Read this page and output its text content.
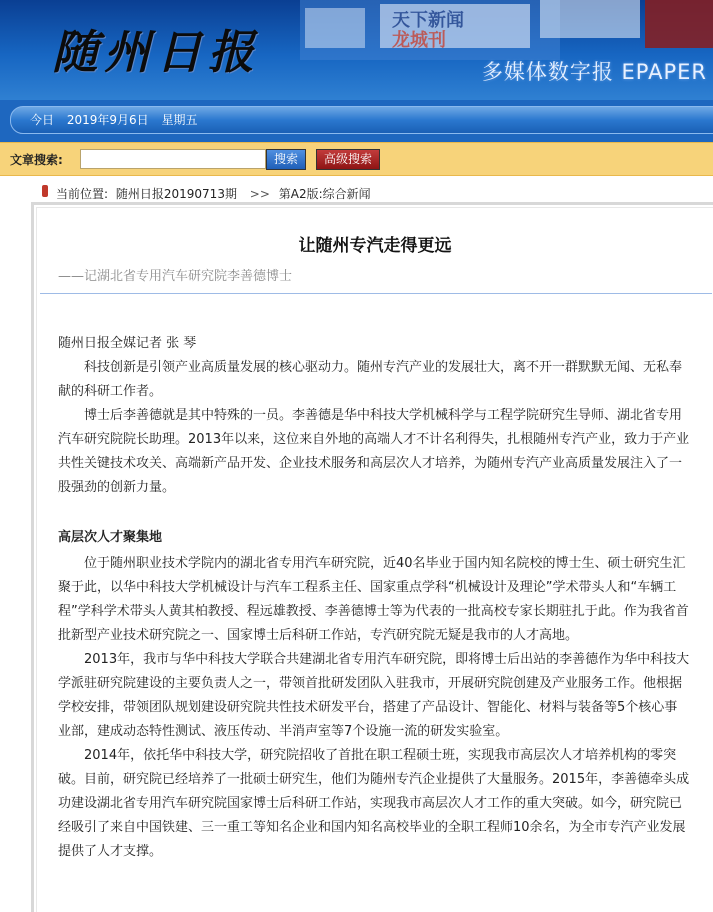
天下新闻
龙城刊
随州日报	多媒体数字报 EPAPER
今日 2019年9月6日 星期五
文章搜索:	搜索	高级搜索
当前位置: 随州日报20190713期 >> 第A2版:综合新闻
让随州专汽走得更远
——记湖北省专用汽车研究院李善德博士

随州日报全媒记者 张 琴

科技创新是引领产业高质量发展的核心驱动力。随州专汽产业的发展壮大，离不开一群默默无闻、无私奉献的科研工作者。

博士后李善德就是其中特殊的一员。李善德是华中科技大学机械科学与工程学院研究生导师、湖北省专用汽车研究院院长助理。2013年以来，这位来自外地的高端人才不计名利得失，扎根随州专汽产业，致力于产业共性关键技术攻关、高端新产品开发、企业技术服务和高层次人才培养，为随州专汽产业高质量发展注入了一股强劲的创新力量。

高层次人才聚集地

位于随州职业技术学院内的湖北省专用汽车研究院，近40名毕业于国内知名院校的博士生、硕士研究生汇聚于此，以华中科技大学机械设计与汽车工程系主任、国家重点学科“机械设计及理论”学术带头人和“车辆工程”学科学术带头人黄其柏教授、程远雄教授、李善德博士等为代表的一批高校专家长期驻扎于此。作为我省首批新型产业技术研究院之一、国家博士后科研工作站，专汽研究院无疑是我市的人才高地。

2013年，我市与华中科技大学联合共建湖北省专用汽车研究院，即将博士后出站的李善德作为华中科技大学派驻研究院建设的主要负责人之一，带领首批研发团队入驻我市，开展研究院创建及产业服务工作。他根据学校安排，带领团队规划建设研究院共性技术研发平台，搭建了产品设计、智能化、材料与装备等5个核心事业部，建成动态特性测试、液压传动、半消声室等7个设施一流的研发实验室。

2014年，依托华中科技大学，研究院招收了首批在职工程硕士班，实现我市高层次人才培养机构的零突破。目前，研究院已经培养了一批硕士研究生，他们为随州专汽企业提供了大量服务。2015年，李善德牵头成功建设湖北省专用汽车研究院国家博士后科研工作站，实现我市高层次人才工作的重大突破。如今，研究院已经吸引了来自中国铁建、三一重工等知名企业和国内知名高校毕业的全职工程师10余名，为全市专汽产业发展提供了人才支撑。
